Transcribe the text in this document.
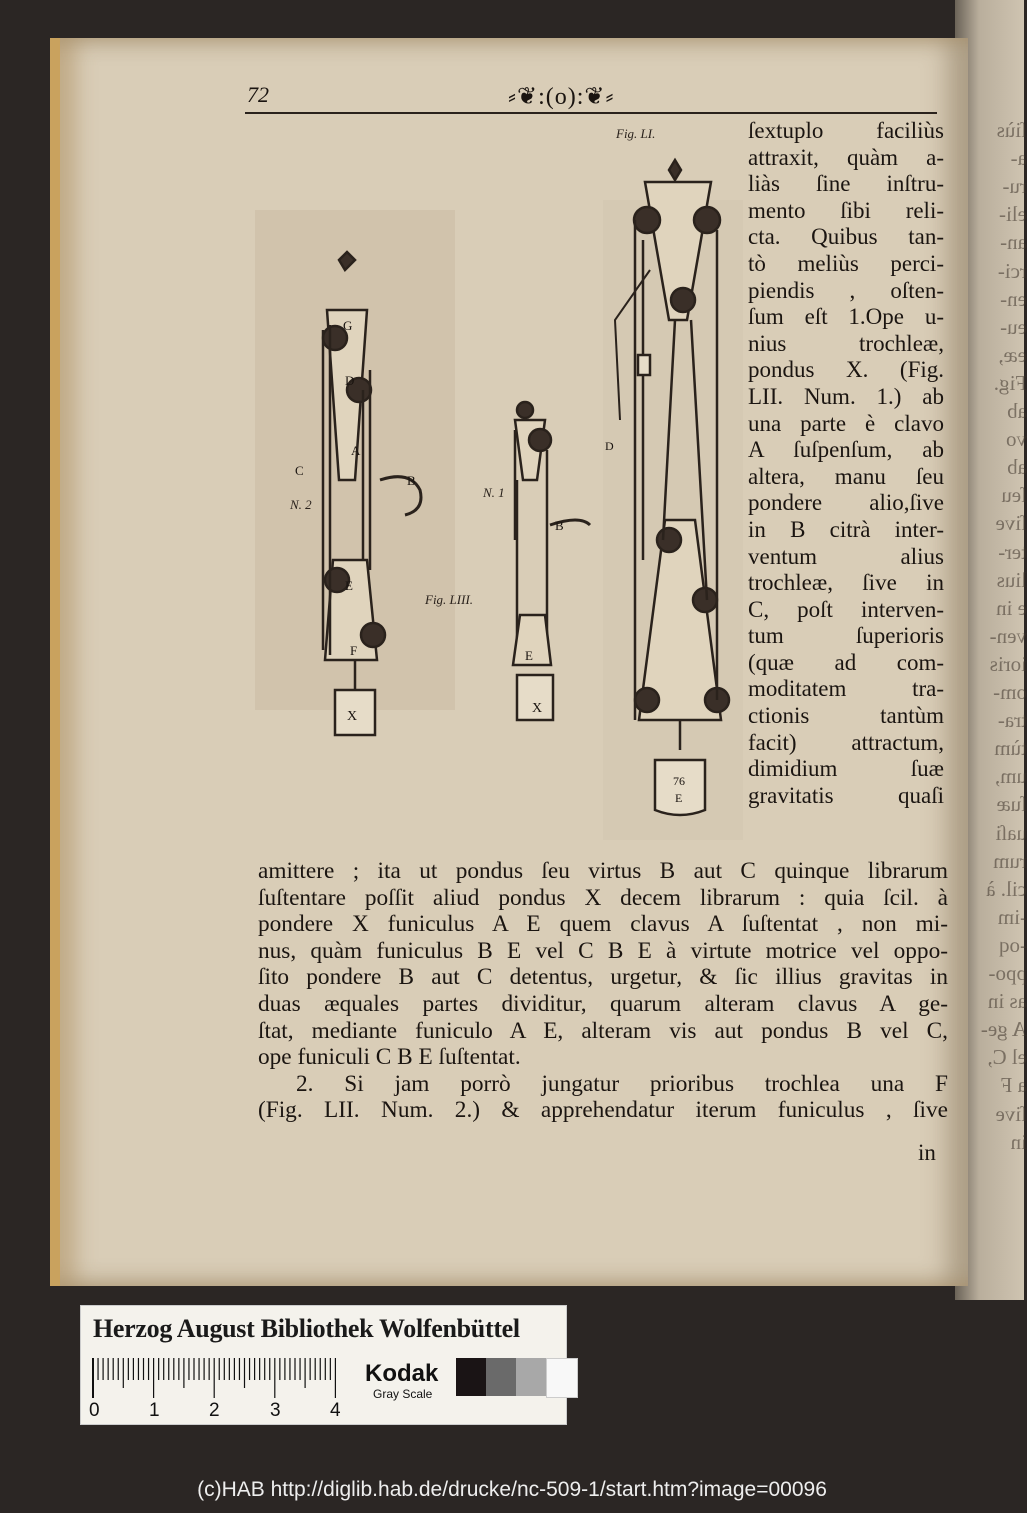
ſiùs
a-
ru-
eli-
an-
rci-
en-
eu-
eæ,
Fig.
ab
vo
ab
ſeu
ſive
ter-
lius
e in
ven-
ioris
om-
tra-
tùm
um,
ſuæ
uaſi
rum
cil. à
-im
-oq
ppo-
as in
A ge-
el C,
a F
ſive
in
72	⸗❦:(o):❦⸗
G
D
A
C
B
E
F
X
E
X
B
76
E
D
Fig. LI.
Fig. LIII.
N. 2
N. 1
ſextuplo faciliùs
attraxit, quàm a-
liàs ſine inſtru-
mento ſibi reli-
cta. Quibus tan-
tò meliùs perci-
piendis , oſten-
ſum eſt 1.Ope u-
nius trochleæ,
pondus X. (Fig.
LII. Num. 1.) ab
una parte è clavo
A ſuſpenſum, ab
altera, manu ſeu
pondere alio,ſive
in B citrà inter-
ventum alius
trochleæ, ſive in
C, poſt interven-
tum ſuperioris
(quæ ad com-
moditatem tra-
ctionis tantùm
facit) attractum,
dimidium ſuæ
gravitatis quaſi
amittere ; ita ut pondus ſeu virtus B aut C quinque librarum
ſuſtentare poſſit aliud pondus X decem librarum : quia ſcil. à
pondere X funiculus A E quem clavus A ſuſtentat , non mi-
nus, quàm funiculus B E vel C B E à virtute motrice vel oppo-
ſito pondere B aut C detentus, urgetur, & ſic illius gravitas in
duas æquales partes dividitur, quarum alteram clavus A ge-
ſtat, mediante funiculo A E, alteram vis aut pondus B vel C,
ope funiculi C B E ſuſtentat.
2. Si jam porrò jungatur prioribus trochlea una F
(Fig. LII. Num. 2.) & apprehendatur iterum funiculus , ſive
in
Herzog August Bibliothek Wolfenbüttel
0	1	2	3	4
Kodak
Gray Scale
(c)HAB http://diglib.hab.de/drucke/nc-509-1/start.htm?image=00096
